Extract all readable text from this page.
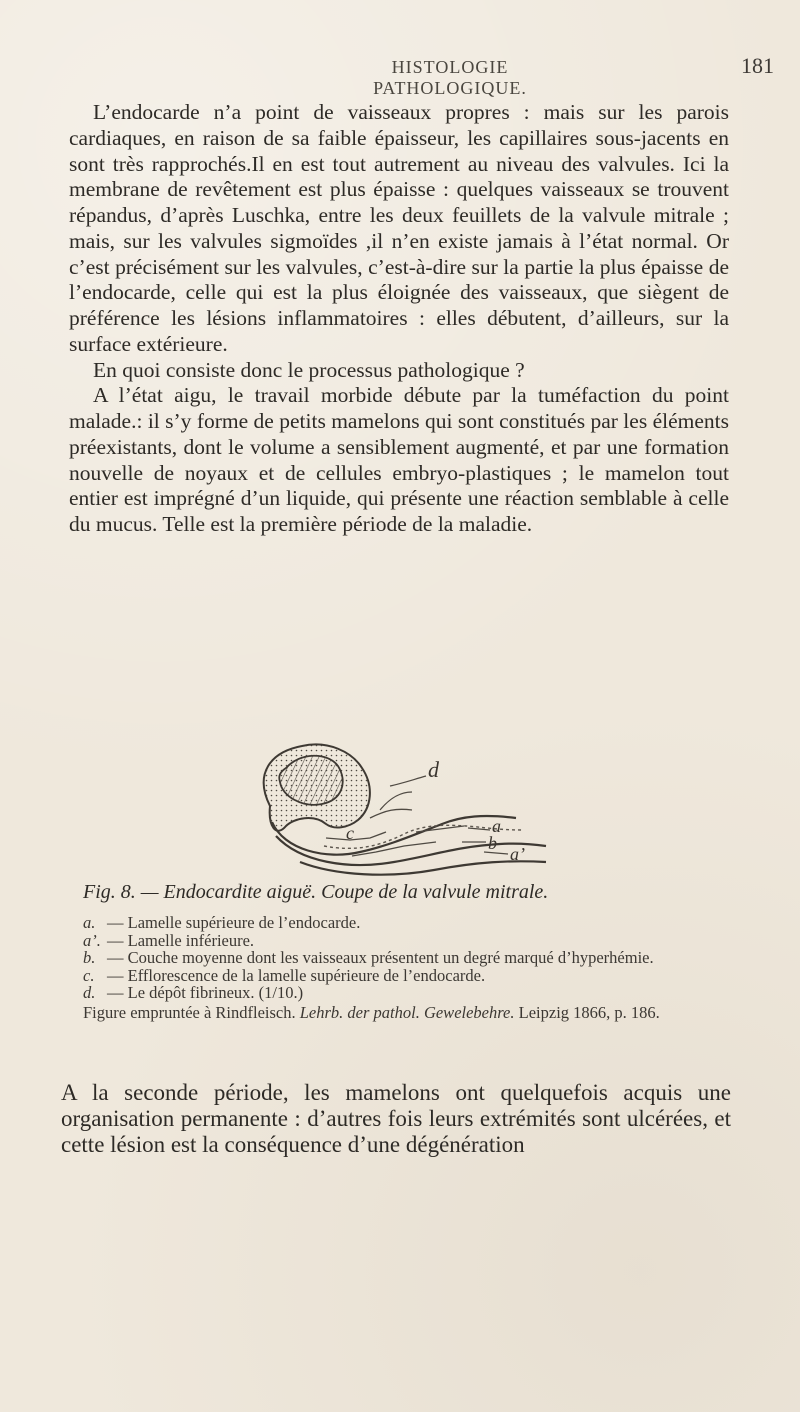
HISTOLOGIE PATHOLOGIQUE.
181

L’endocarde n’a point de vaisseaux propres : mais sur les parois cardiaques, en raison de sa faible épaisseur, les capillaires sous-jacents en sont très rapprochés.Il en est tout autrement au niveau des valvules. Ici la membrane de revêtement est plus épaisse : quelques vaisseaux se trouvent répandus, d’après Luschka, entre les deux feuillets de la valvule mitrale ; mais, sur les valvules sigmoïdes ,il n’en existe jamais à l’état normal. Or c’est précisément sur les valvules, c’est-à-dire sur la partie la plus épaisse de l’endocarde, celle qui est la plus éloignée des vaisseaux, que siègent de préférence les lésions inflammatoires : elles débutent, d’ailleurs, sur la surface extérieure.

En quoi consiste donc le processus pathologique ?

A l’état aigu, le travail morbide débute par la tuméfaction du point malade.: il s’y forme de petits mamelons qui sont constitués par les éléments préexistants, dont le volume a sensiblement augmenté, et par une formation nouvelle de noyaux et de cellules embryo-plastiques ; le mamelon tout entier est imprégné d’un liquide, qui présente une réaction semblable à celle du mucus. Telle est la première période de la maladie.

d
c	a
b
a’
Fig. 8. — Endocardite aiguë. Coupe de la valvule mitrale.
a. — Lamelle supérieure de l’endocarde.
a’. — Lamelle inférieure.
b. — Couche moyenne dont les vaisseaux présentent un degré marqué d’hyperhémie.
c. — Efflorescence de la lamelle supérieure de l’endocarde.
d. — Le dépôt fibrineux. (1/10.)
Figure empruntée à Rindfleisch. Lehrb. der pathol. Gewelebehre. Leipzig 1866, p. 186.

A la seconde période, les mamelons ont quelquefois acquis une organisation permanente : d’autres fois leurs extrémités sont ulcérées, et cette lésion est la conséquence d’une dégénération
